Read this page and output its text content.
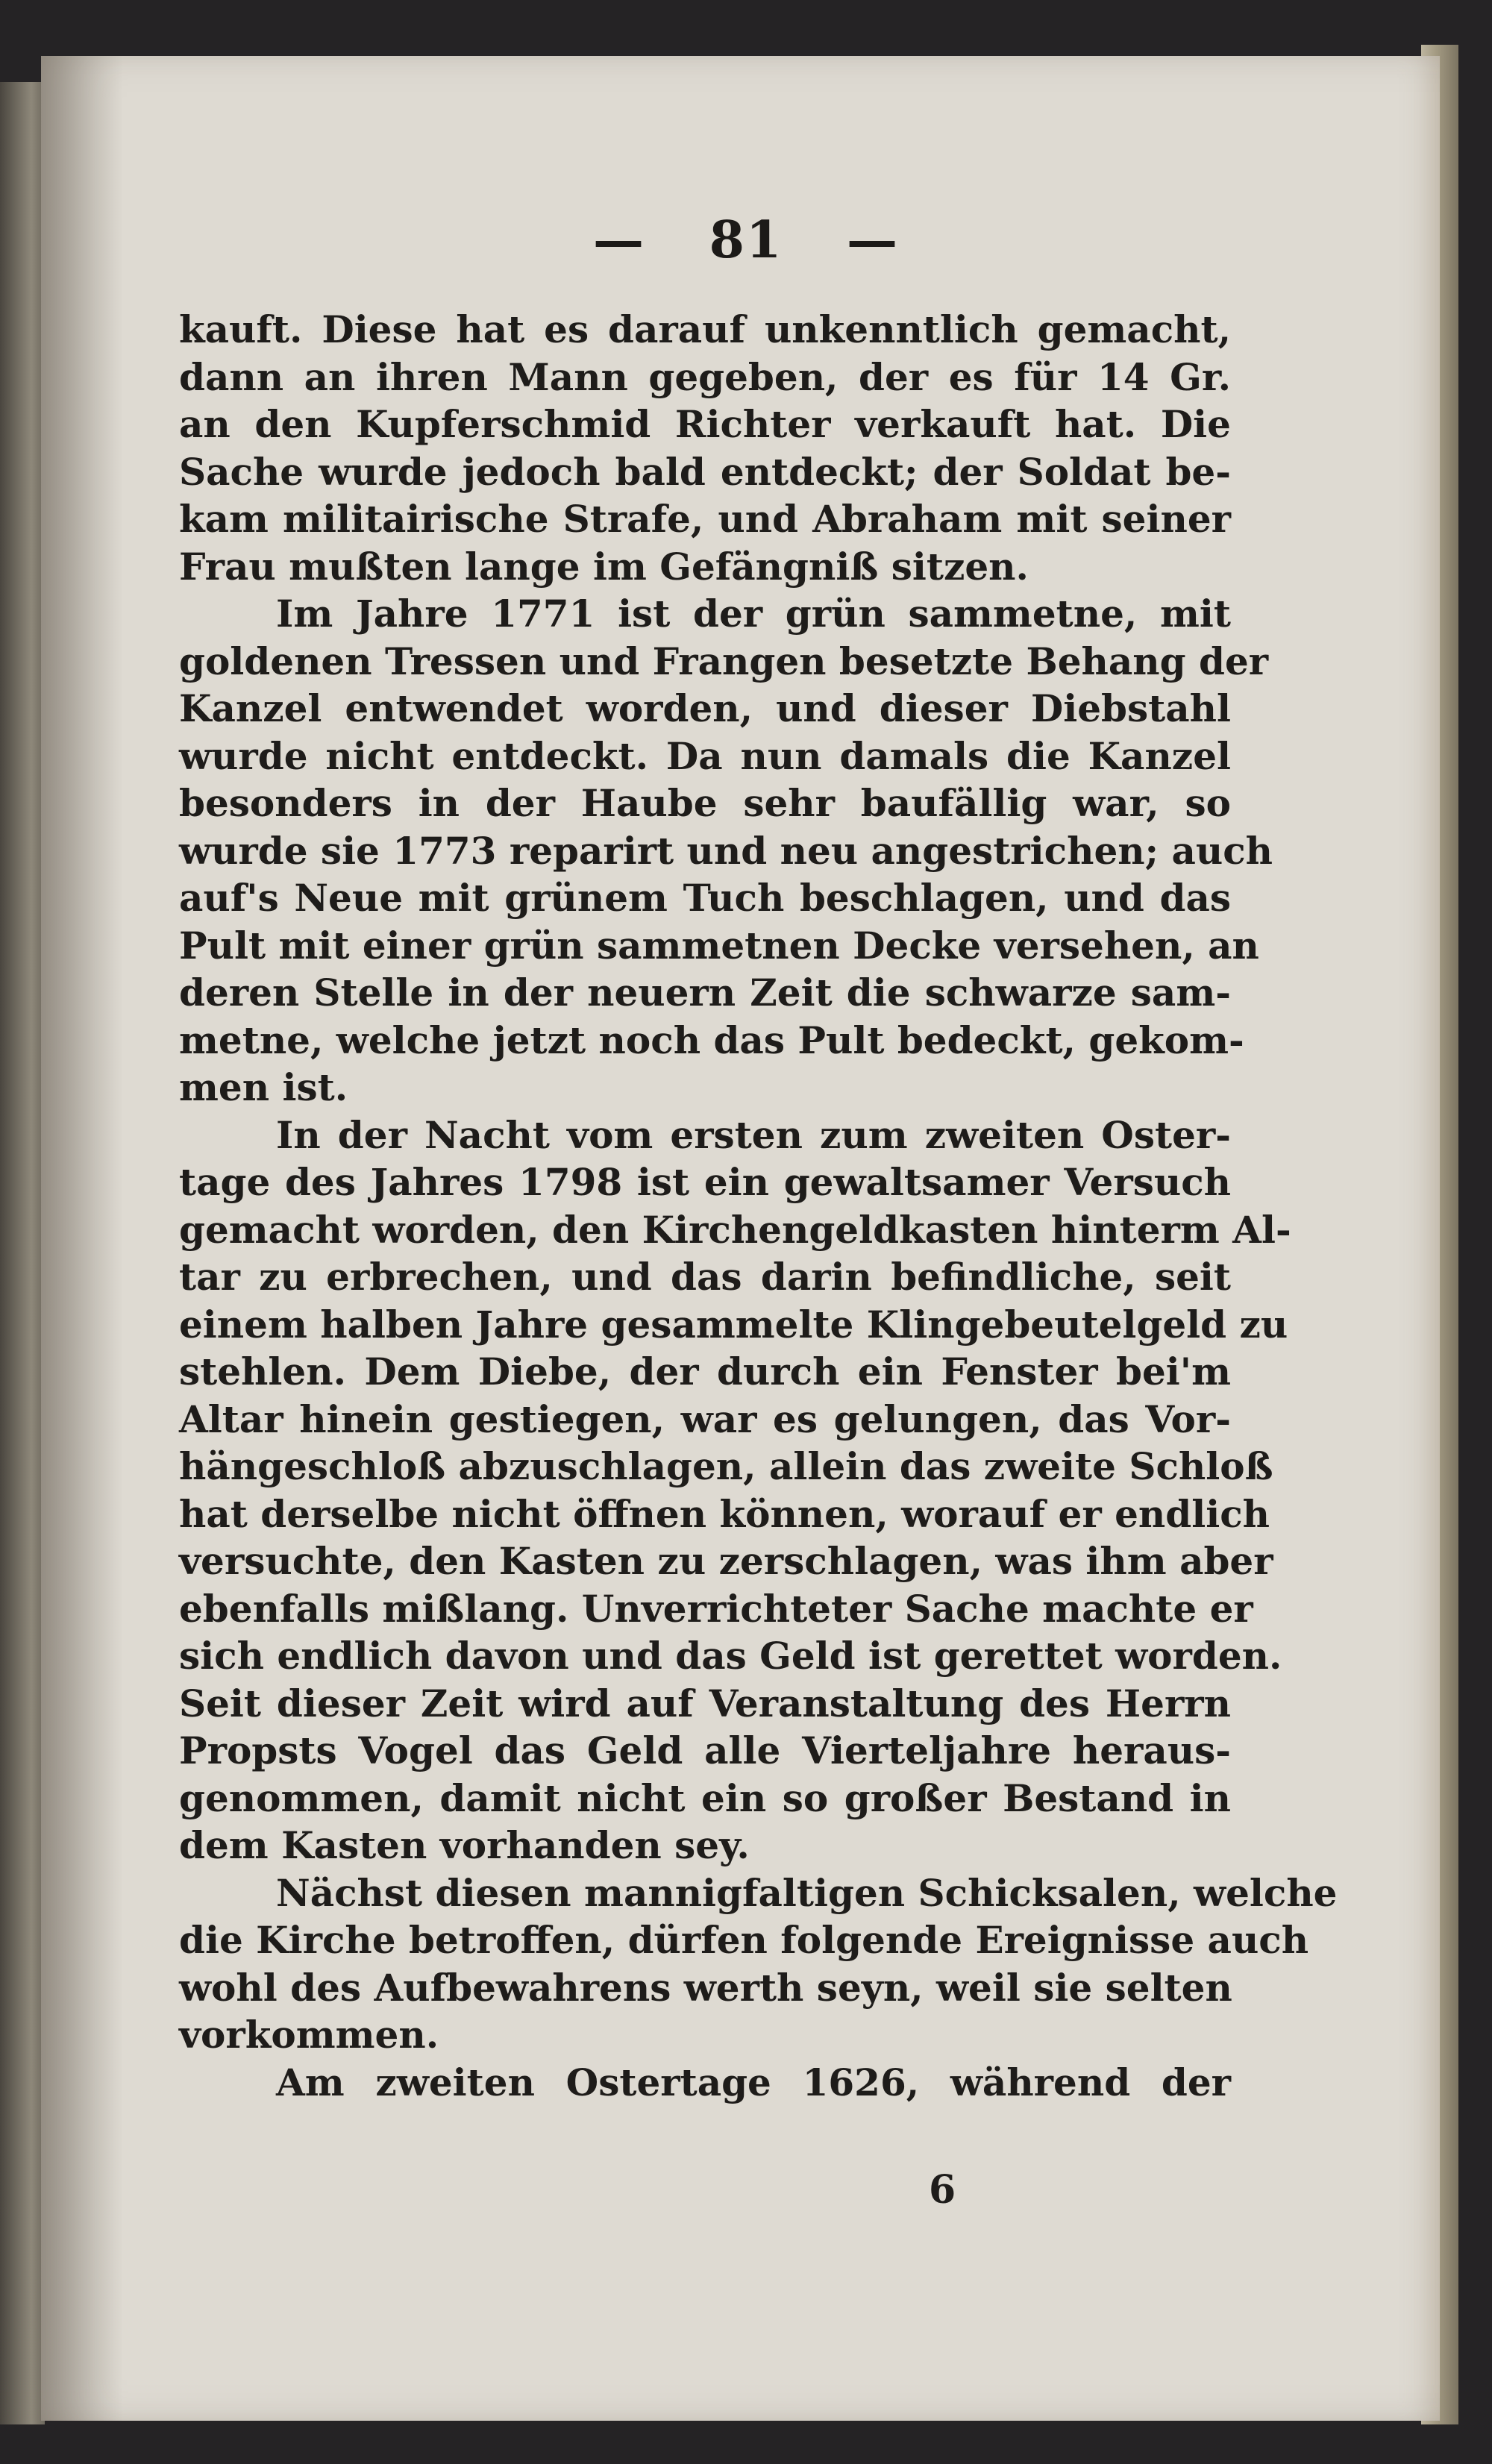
— 81 —
kauft. Diese hat es darauf unkenntlich gemacht,
dann an ihren Mann gegeben, der es für 14 Gr.
an den Kupferschmid Richter verkauft hat. Die
Sache wurde jedoch bald entdeckt; der Soldat be-
kam militairische Strafe, und Abraham mit seiner
Frau mußten lange im Gefängniß sitzen.
Im Jahre 1771 ist der grün sammetne, mit
goldenen Tressen und Frangen besetzte Behang der
Kanzel entwendet worden, und dieser Diebstahl
wurde nicht entdeckt. Da nun damals die Kanzel
besonders in der Haube sehr baufällig war, so
wurde sie 1773 reparirt und neu angestrichen; auch
auf's Neue mit grünem Tuch beschlagen, und das
Pult mit einer grün sammetnen Decke versehen, an
deren Stelle in der neuern Zeit die schwarze sam-
metne, welche jetzt noch das Pult bedeckt, gekom-
men ist.
In der Nacht vom ersten zum zweiten Oster-
tage des Jahres 1798 ist ein gewaltsamer Versuch
gemacht worden, den Kirchengeldkasten hinterm Al-
tar zu erbrechen, und das darin befindliche, seit
einem halben Jahre gesammelte Klingebeutelgeld zu
stehlen. Dem Diebe, der durch ein Fenster bei'm
Altar hinein gestiegen, war es gelungen, das Vor-
hängeschloß abzuschlagen, allein das zweite Schloß
hat derselbe nicht öffnen können, worauf er endlich
versuchte, den Kasten zu zerschlagen, was ihm aber
ebenfalls mißlang. Unverrichteter Sache machte er
sich endlich davon und das Geld ist gerettet worden.
Seit dieser Zeit wird auf Veranstaltung des Herrn
Propsts Vogel das Geld alle Vierteljahre heraus-
genommen, damit nicht ein so großer Bestand in
dem Kasten vorhanden sey.
Nächst diesen mannigfaltigen Schicksalen, welche
die Kirche betroffen, dürfen folgende Ereignisse auch
wohl des Aufbewahrens werth seyn, weil sie selten
vorkommen.
Am zweiten Ostertage 1626, während der
6
